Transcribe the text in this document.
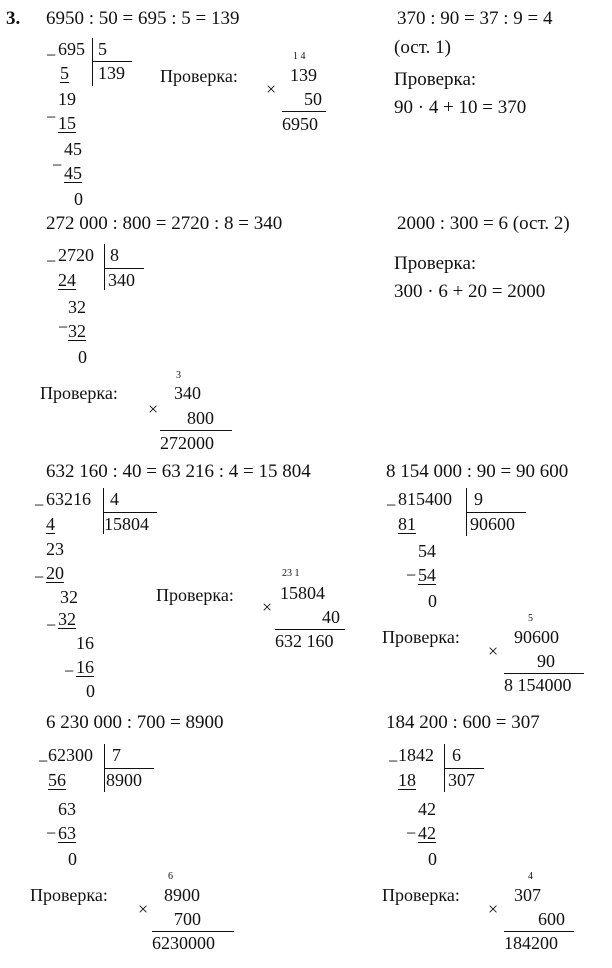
3. 6950 : 50 = 695 : 5 = 139
− 695 5
139
5
−
19
15
−
45
45
0
Проверка:
1 4
139
× 50
6950
370 : 90 = 37 : 9 = 4
(ост. 1)
Проверка:
90 · 4 + 10 = 370
272 000 : 800 = 2720 : 8 = 340
− 2720 8
340
24
−
32
32
0
Проверка:
3
340
× 800
272000
2000 : 300 = 6 (ост. 2)
Проверка:
300 · 6 + 20 = 2000
632 160 : 40 = 63 216 : 4 = 15 804
− 63216 4
15804
4
23
− 20
32
− 32
16
− 16
0
Проверка:
23 1
15804
×	40
632 160
8 154 000 : 90 = 90 600
− 815400 9
90600
81
−
54
54
0
Проверка:
5
90600
× 90
8 154000
6 230 000 : 700 = 8900
− 62300 7
8900
56
−
63
63
0
Проверка:
6
8900
× 700
6230000
184 200 : 600 = 307
− 1842 6
307
18
−
42
42
0
Проверка:
4
307
× 600
184200
